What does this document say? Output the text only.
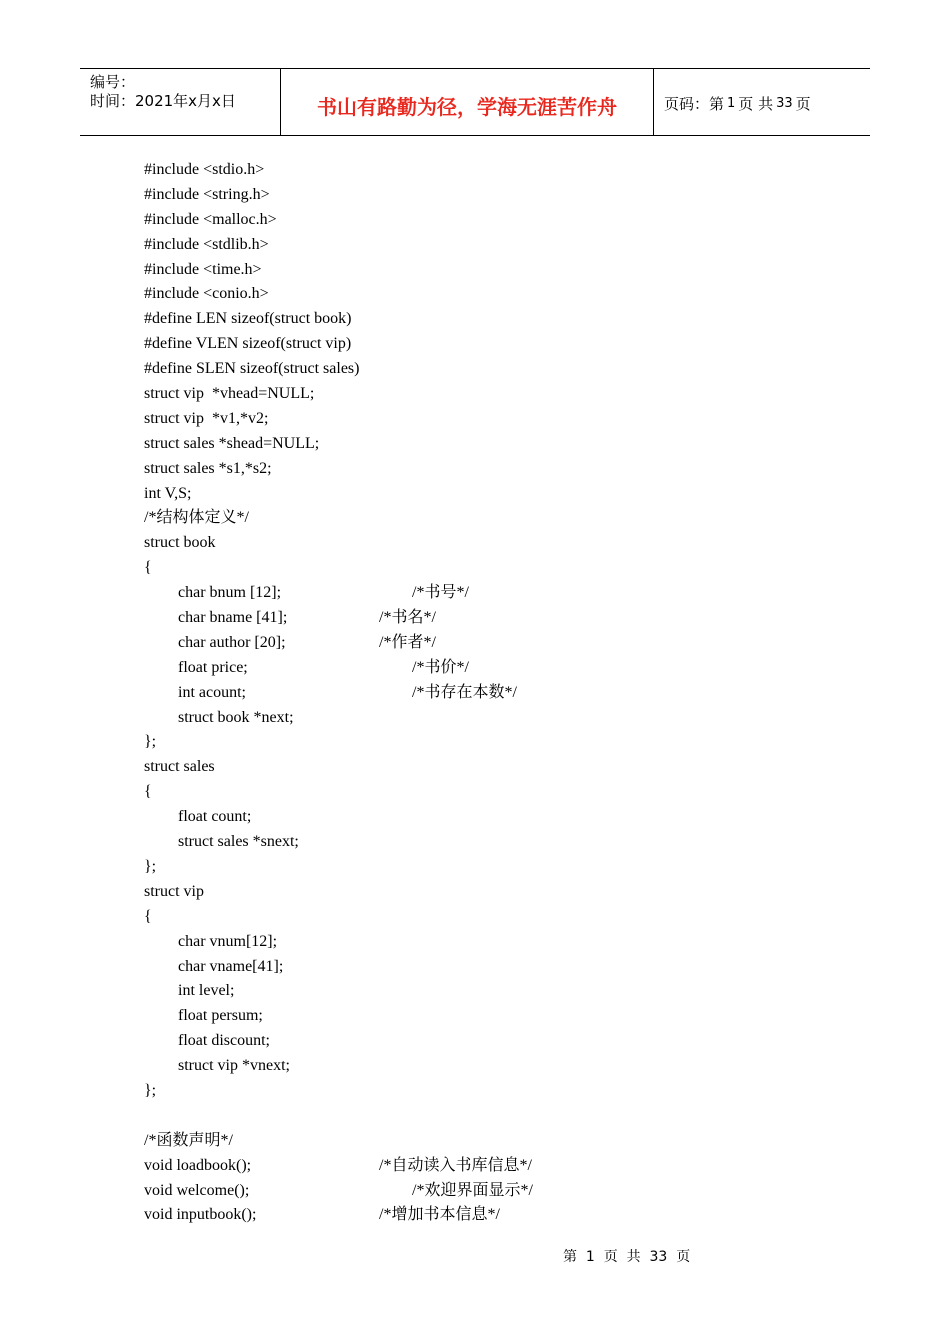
编号：
时间：2021年x月x日	书山有路勤为径，学海无涯苦作舟	页码：第 1 页 共 33 页
#include <stdio.h>
#include <string.h>
#include <malloc.h>
#include <stdlib.h>
#include <time.h>
#include <conio.h>
#define LEN sizeof(struct book)
#define VLEN sizeof(struct vip)
#define SLEN sizeof(struct sales)
struct vip  *vhead=NULL;
struct vip  *v1,*v2;
struct sales *shead=NULL;
struct sales *s1,*s2;
int V,S;
/*结构体定义*/
struct book
{
char bnum [12];	/*书号*/
char bname [41];	/*书名*/
char author [20];	/*作者*/
float price;	/*书价*/
int acount;	/*书存在本数*/
struct book *next;
};
struct sales
{
float count;
struct sales *snext;
};
struct vip
{
char vnum[12];
char vname[41];
int level;
float persum;
float discount;
struct vip *vnext;
};
/*函数声明*/
void loadbook();	/*自动读入书库信息*/
void welcome();	/*欢迎界面显示*/
void inputbook();	/*增加书本信息*/
第  1  页  共  33  页
